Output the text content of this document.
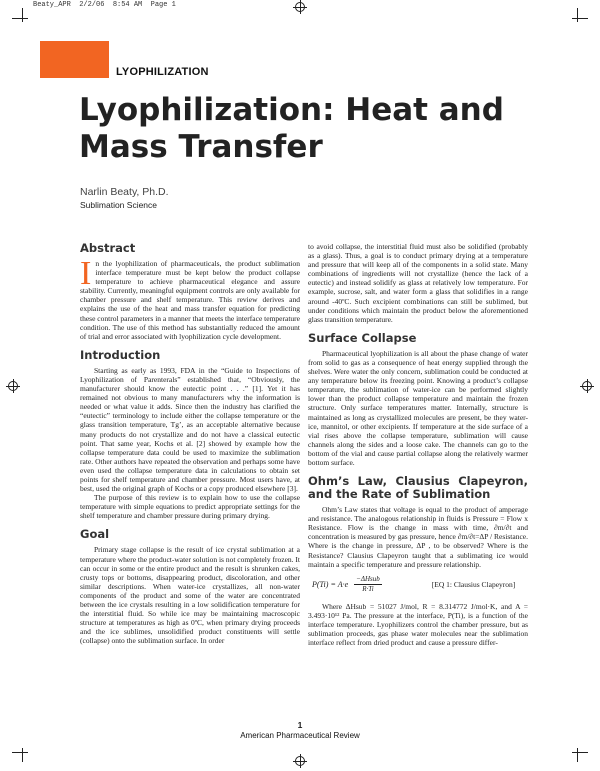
Beaty_APR  2/2/06  8:54 AM  Page 1
LYOPHILIZATION
Lyophilization: Heat and Mass Transfer
Narlin Beaty, Ph.D.
Sublimation Science
Abstract

In the lyophilization of pharmaceuticals, the product sublimation interface temperature must be kept below the product collapse temperature to achieve pharmaceutical elegance and assure stability. Currently, meaningful equipment controls are only available for chamber pressure and shelf temperature. This review derives and explains the use of the heat and mass transfer equation for predicting these control parameters in a manner that meets the interface temperature condition. The use of this method has substantially reduced the amount of trial and error associated with lyophilization cycle development.

Introduction

Starting as early as 1993, FDA in the “Guide to Inspections of Lyophilization of Parenterals” established that, “Obviously, the manufacturer should know the eutectic point . . .” [1]. Yet it has remained not obvious to many manufacturers why the information is needed or what value it adds. Since then the industry has clarified the “eutectic” terminology to include either the collapse temperature or the glass transition temperature, Tg’, as an acceptable alternative because many products do not crystallize and do not have a classical eutectic point. That same year, Kochs et al. [2] showed by example how the collapse temperature data could be used to maximize the sublimation rate. Other authors have repeated the observation and perhaps some have even used the collapse temperature data in calculations to obtain set points for shelf temperature and chamber pressure. Most users have, at best, used the original graph of Kochs or a copy produced elsewhere [3].

The purpose of this review is to explain how to use the collapse temperature with simple equations to predict appropriate settings for the shelf temperature and chamber pressure during primary drying.

Goal

Primary stage collapse is the result of ice crystal sublimation at a temperature where the product-water solution is not completely frozen. It can occur in some or the entire product and the result is shrunken cakes, crusty tops or bottoms, disappearing product, discoloration, and other similar descriptions. When water-ice crystallizes, all non-water components of the product and some of the water are concentrated between the ice crystals resulting in a low solidification temperature for the interstitial fluid. So while ice may be maintaining macroscopic structure at temperatures as high as 0ºC, when primary drying proceeds and the ice sublimes, unsolidified product constituents will settle (collapse) onto the sublimation surface. In order

to avoid collapse, the interstitial fluid must also be solidified (probably as a glass). Thus, a goal is to conduct primary drying at a temperature and pressure that will keep all of the components in a solid state. Many combinations of ingredients will not crystallize (hence the lack of a eutectic) and instead solidify as glass at relatively low temperature. For example, sucrose, salt, and water form a glass that solidifies in a range around -40ºC. Such excipient combinations can still be sublimed, but under conditions which maintain the product below the aforementioned glass transition temperature.

Surface Collapse

Pharmaceutical lyophilization is all about the phase change of water from solid to gas as a consequence of heat energy supplied through the shelves. Were water the only concern, sublimation could be conducted at any temperature below its freezing point. Knowing a product’s collapse temperature, the sublimation of water-ice can be performed slightly lower than the product collapse temperature and maintain the frozen structure. Only surface temperatures matter. Internally, structure is maintained as long as crystallized molecules are present, be they water-ice, mannitol, or other excipients. If temperature at the side surface of a vial rises above the collapse temperature, sublimation will cause channels along the sides and a loose cake. The channels can go to the bottom of the vial and cause partial collapse along the relatively warmer bottom surface.

Ohm’s Law, Clausius Clapeyron, and the Rate of Sublimation

Ohm’s Law states that voltage is equal to the product of amperage and resistance. The analogous relationship in fluids is Pressure = Flow x Resistance. Flow is the change in mass with time, ∂m/∂t and concentration is measured by gas pressure, hence ∂m/∂t=ΔP / Resistance. Where is the change in pressure, ΔP , to be observed? Where is the Resistance? Clausius Clapeyron taught that a sublimating ice would maintain a specific temperature and pressure relationship.

$P(Ti) = A\cdot e \frac{\text{−ΔHsub}}{R\cdot Ti}$	[EQ 1: Clausius Clapeyron]

Where ΔHsub = 51027 J/mol, R = 8.314772 J/mol·K, and A = 3.493·10¹² Pa. The pressure at the interface, P(Ti), is a function of the interface temperature. Lyophilizers control the chamber pressure, but as sublimation proceeds, gas phase water molecules near the sublimation interface reflect from dried product and cause a pressure differ-

1
American Pharmaceutical Review
